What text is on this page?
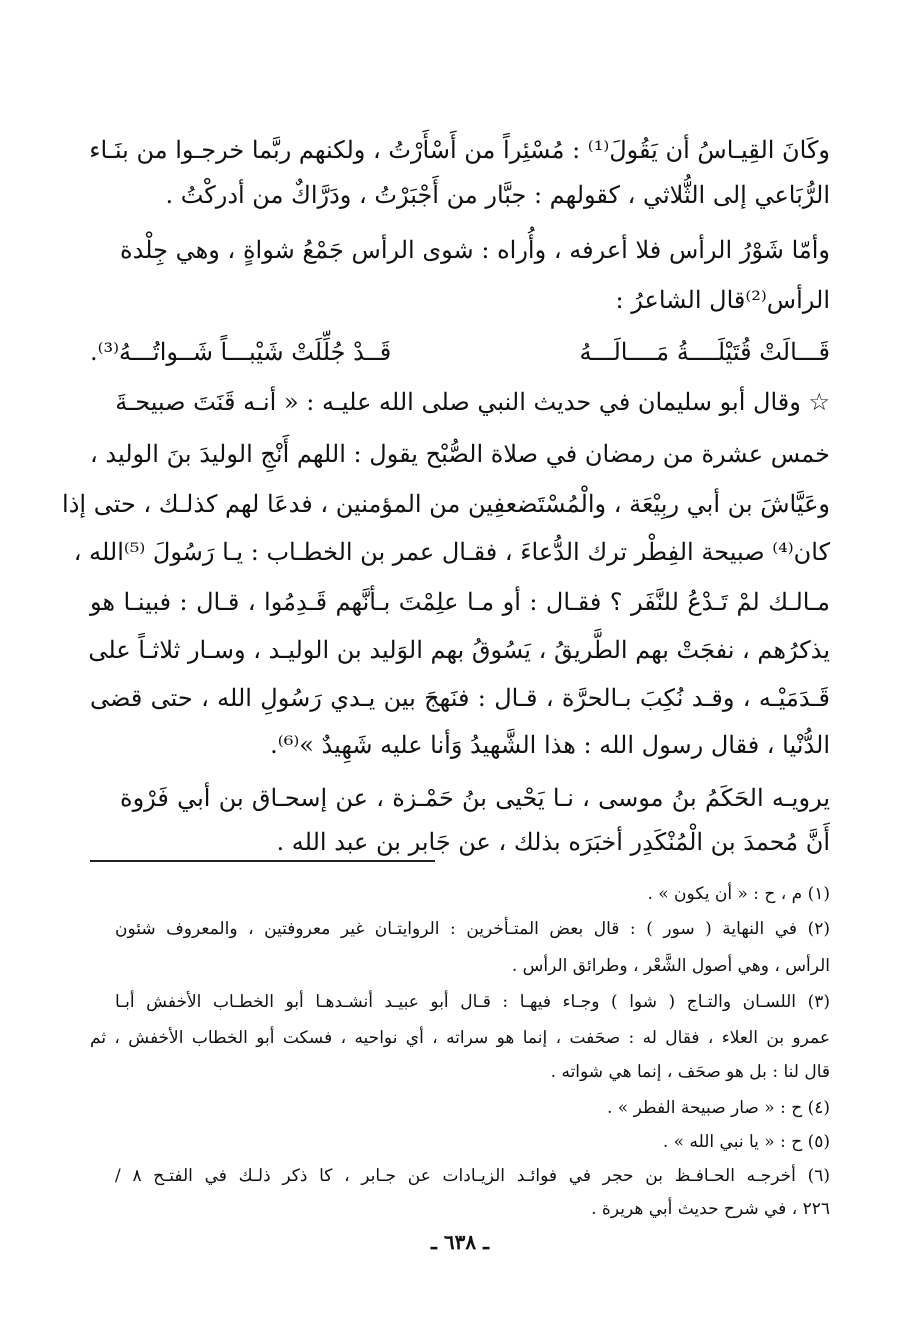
وكَانَ القِيـاسُ أن يَقُولَ⁽¹⁾ : مُسْئِراً من أَسْأَرْتُ ، ولكنهم ربَّما خرجـوا من بنَـاء
الرُّبَاعي إلى الثُّلاثي ، كقولهم : جبَّار من أَجْبَرْتُ ، ودَرَّاكٌ من أدركْتُ .
وأمّا شَوْرُ الرأس فلا أعرفه ، وأُراه : شوى الرأس جَمْعُ شواةٍ ، وهي جِلْدة
الرأس⁽²⁾قال الشاعرُ :
قَـــالَتْ قُتَيْلَــــةُ مَــــالَـــهُ
قَــدْ جُلِّلَتْ شَيْبـــاً شَــواتُـــهُ⁽³⁾.
☆ وقال أبو سليمان في حديث النبي صلى الله عليـه : « أنـه قَنَتَ صبيحـةَ
خمس عشرة من رمضان في صلاة الصُّبْح يقول : اللهم أَنْجِ الوليدَ بنَ الوليد ،
وعَيَّاشَ بن أبي ربِيْعَة ، والْمُسْتَضعفِين من المؤمنين ، فدعَا لهم كذلـك ، حتى إذا
كان⁽⁴⁾ صبيحة الفِطْر ترك الدُّعاءَ ، فقـال عمر بن الخطـاب : يـا رَسُولَ ⁽⁵⁾الله ،
مـالـك لمْ تَـدْعُ للنَّفَر ؟ فقـال : أو مـا علِمْتَ بـأنَّهم قَـدِمُوا ، قـال : فبينـا هو
يذكرُهم ، نفجَتْ بهم الطَّريقُ ، يَسُوقُ بهم الوَليد بن الوليـد ، وسـار ثلاثـاً على
قَـدَمَيْـه ، وقـد نُكِبَ بـالحرَّة ، قـال : فنَهجَ بين يـدي رَسُولِ الله ، حتى قضى
الدُّنْيا ، فقال رسول الله : هذا الشَّهيدُ وَأنا عليه شَهِيدٌ »⁽⁶⁾.
يرويـه الحَكَمُ بنُ موسى ، نـا يَحْيى بنُ حَمْـزة ، عن إسحـاق بن أبي فَرْوة
أَنَّ مُحمدَ بن الْمُنْكَدِر أخبَرَه بذلك ، عن جَابر بن عبد الله .
(١) م ، ح : « أن يكون » .
(٢) في النهاية ( سور ) : قال بعض المتـأخرين : الروايتـان غير معروفتين ، والمعروف شئون
الرأس ، وهي أصول الشَّعْر ، وطرائق الرأس .
(٣) اللسـان والتـاج ( شوا ) وجـاء فيهـا : قـال أبو عبيـد أنشـدهـا أبو الخطـاب الأخفش أبـا
عمرو بن العلاء ، فقال له : صحَفت ، إنما هو سراته ، أي نواحيه ، فسكت أبو الخطاب الأخفش ، ثم
قال لنا : بل هو صحَف ، إنما هي شواته .
(٤) ح : « صار صبيحة الفطر » .
(٥) ح : « يا نبي الله » .
(٦) أخرجـه الحـافـظ بن حجر في فوائـد الزيـادات عن جـابر ، كا ذكر ذلـك في الفتـح ٨ /
٢٢٦ ، في شرح حديث أبي هريرة .
ـ ٦٣٨ ـ
